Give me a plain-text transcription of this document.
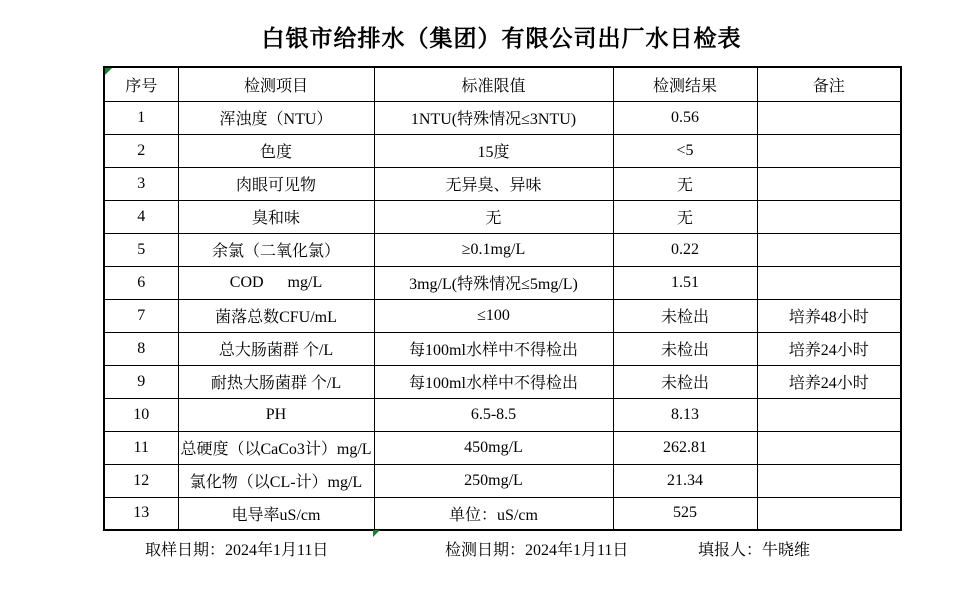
白银市给排水（集团）有限公司出厂水日检表
序号	检测项目	标准限值	检测结果	备注
1	浑浊度（NTU）	1NTU(特殊情况≤3NTU)	0.56	
2	色度	15度	<5	
3	肉眼可见物	无异臭、异味	无	
4	臭和味	无	无	
5	余氯（二氧化氯）	≥0.1mg/L	0.22	
6	COD      mg/L	3mg/L(特殊情况≤5mg/L)	1.51	
7	菌落总数CFU/mL	≤100	未检出	培养48小时
8	总大肠菌群 个/L	每100ml水样中不得检出	未检出	培养24小时
9	耐热大肠菌群 个/L	每100ml水样中不得检出	未检出	培养24小时
10	PH	6.5-8.5	8.13	
11	总硬度（以CaCo3计）mg/L	450mg/L	262.81	
12	氯化物（以CL-计）mg/L	250mg/L	21.34	
13	电导率uS/cm	单位：uS/cm	525	
取样日期：2024年1月11日	检测日期：2024年1月11日	填报人：牛晓维
